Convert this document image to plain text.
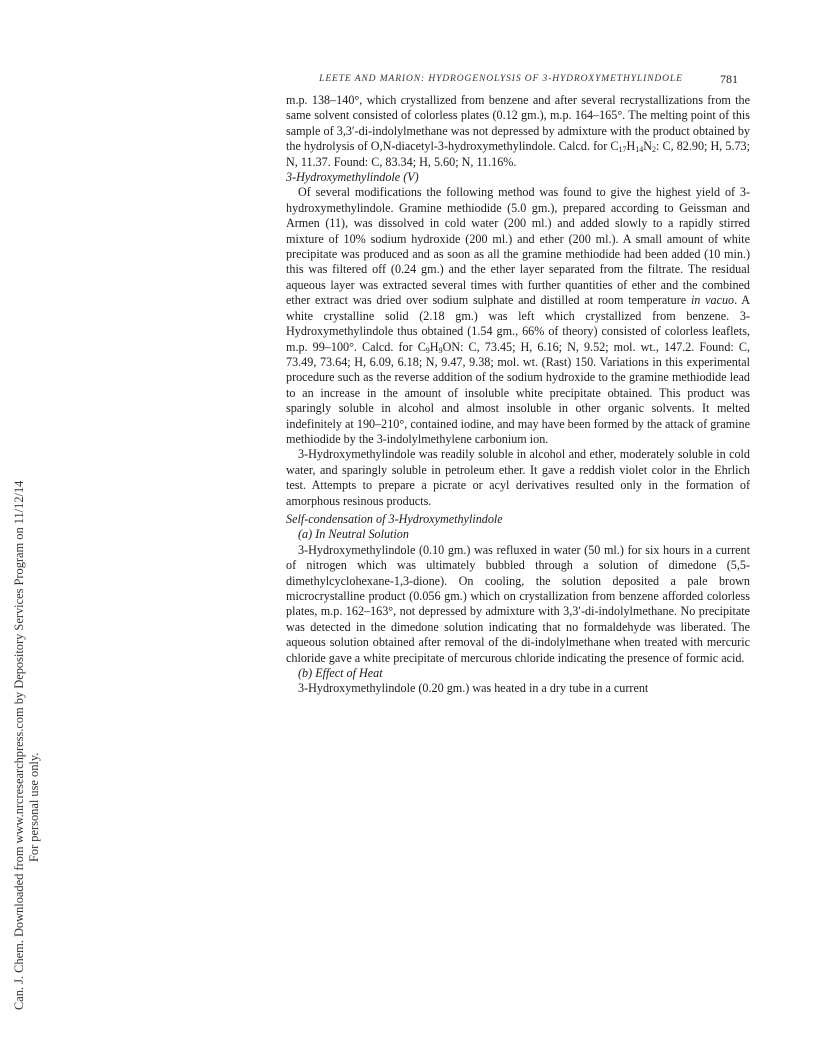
LEETE AND MARION: HYDROGENOLYSIS OF 3-HYDROXYMETHYLINDOLE	781
Can. J. Chem. Downloaded from www.nrcresearchpress.com by Depository Services Program on 11/12/14 For personal use only.

m.p. 138–140°, which crystallized from benzene and after several recrystallizations from the same solvent consisted of colorless plates (0.12 gm.), m.p. 164–165°. The melting point of this sample of 3,3′-di-indolylmethane was not depressed by admixture with the product obtained by the hydrolysis of O,N-diacetyl-3-hydroxymethylindole. Calcd. for $C_{17}H_{14}N_2$: C, 82.90; H, 5.73; N, 11.37. Found: C, 83.34; H, 5.60; N, 11.16%.

3-Hydroxymethylindole (V)

Of several modifications the following method was found to give the highest yield of 3-hydroxymethylindole. Gramine methiodide (5.0 gm.), prepared according to Geissman and Armen (11), was dissolved in cold water (200 ml.) and added slowly to a rapidly stirred mixture of 10% sodium hydroxide (200 ml.) and ether (200 ml.). A small amount of white precipitate was produced and as soon as all the gramine methiodide had been added (10 min.) this was filtered off (0.24 gm.) and the ether layer separated from the filtrate. The residual aqueous layer was extracted several times with further quantities of ether and the combined ether extract was dried over sodium sulphate and distilled at room temperature in vacuo. A white crystalline solid (2.18 gm.) was left which crystallized from benzene. 3-Hydroxymethylindole thus obtained (1.54 gm., 66% of theory) consisted of colorless leaflets, m.p. 99–100°. Calcd. for $C_9H_9ON$: C, 73.45; H, 6.16; N, 9.52; mol. wt., 147.2. Found: C, 73.49, 73.64; H, 6.09, 6.18; N, 9.47, 9.38; mol. wt. (Rast) 150. Variations in this experimental procedure such as the reverse addition of the sodium hydroxide to the gramine methiodide lead to an increase in the amount of insoluble white precipitate obtained. This product was sparingly soluble in alcohol and almost insoluble in other organic solvents. It melted indefinitely at 190–210°, contained iodine, and may have been formed by the attack of gramine methiodide by the 3-indolylmethylene carbonium ion.

3-Hydroxymethylindole was readily soluble in alcohol and ether, moderately soluble in cold water, and sparingly soluble in petroleum ether. It gave a reddish violet color in the Ehrlich test. Attempts to prepare a picrate or acyl derivatives resulted only in the formation of amorphous resinous products.

Self-condensation of 3-Hydroxymethylindole

(a) In Neutral Solution

3-Hydroxymethylindole (0.10 gm.) was refluxed in water (50 ml.) for six hours in a current of nitrogen which was ultimately bubbled through a solution of dimedone (5,5-dimethylcyclohexane-1,3-dione). On cooling, the solution deposited a pale brown microcrystalline product (0.056 gm.) which on crystallization from benzene afforded colorless plates, m.p. 162–163°, not depressed by admixture with 3,3′-di-indolylmethane. No precipitate was detected in the dimedone solution indicating that no formaldehyde was liberated. The aqueous solution obtained after removal of the di-indolylmethane when treated with mercuric chloride gave a white precipitate of mercurous chloride indicating the presence of formic acid.

(b) Effect of Heat

3-Hydroxymethylindole (0.20 gm.) was heated in a dry tube in a current
